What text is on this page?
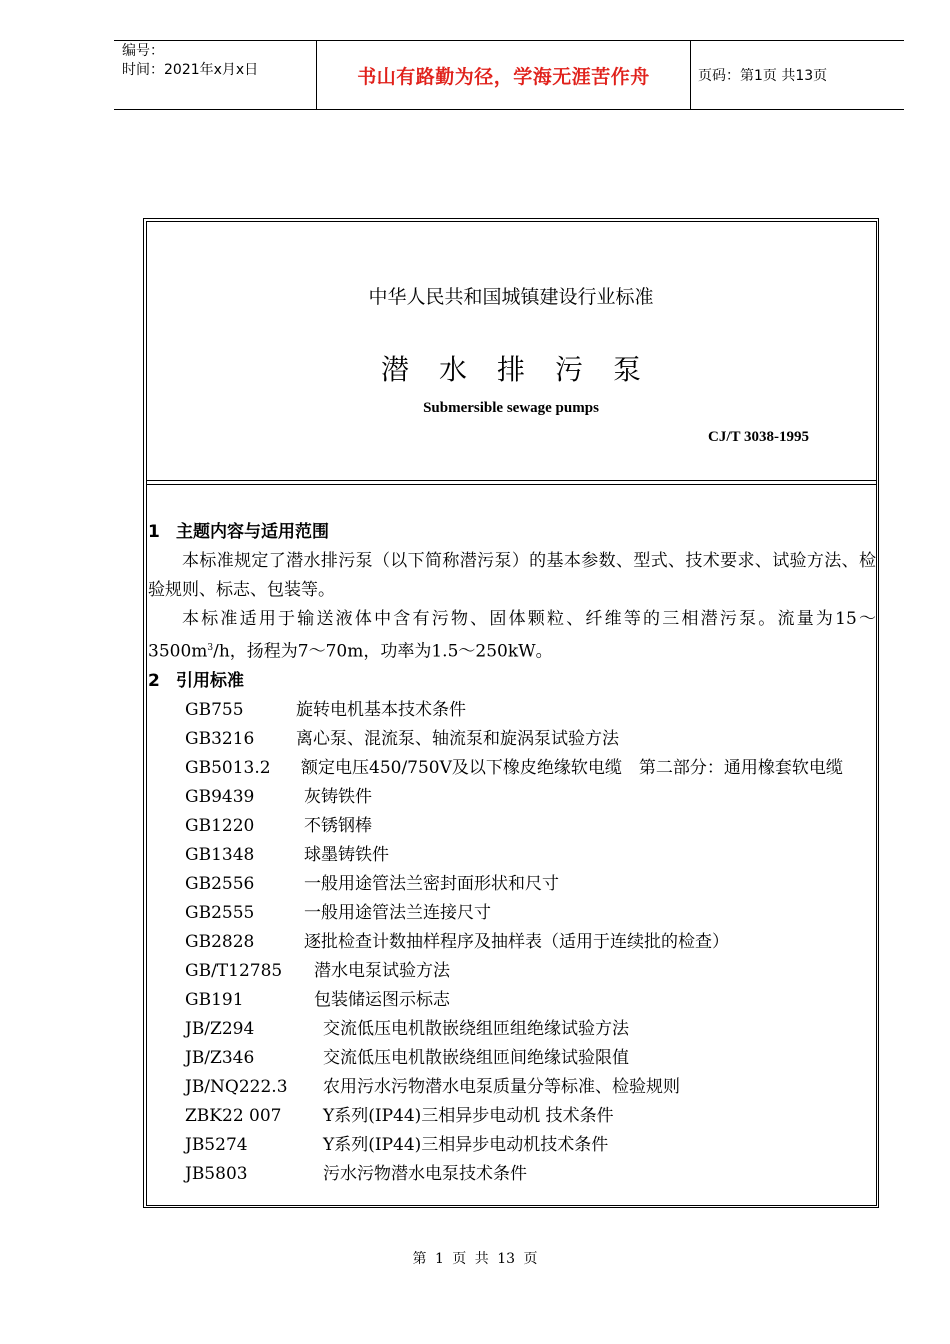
编号：
时间：2021年x月x日	书山有路勤为径，学海无涯苦作舟	页码：第1页 共13页
中华人民共和国城镇建设行业标准
潜水排污泵
Submersible sewage pumps
CJ/T 3038-1995
1 主题内容与适用范围
本标准规定了潜水排污泵（以下简称潜污泵）的基本参数、型式、技术要求、试验方法、检验规则、标志、包装等。
本标准适用于输送液体中含有污物、固体颗粒、纤维等的三相潜污泵。流量为$15\sim 3500m^3/h$，扬程为7～70m，功率为1.5～250kW。
2 引用标准
GB755	旋转电机基本技术条件
GB3216 离心泵、混流泵、轴流泵和旋涡泵试验方法
GB5013.2 额定电压450/750V及以下橡皮绝缘软电缆　第二部分：通用橡套软电缆
GB9439	灰铸铁件
GB1220	不锈钢棒
GB1348	球墨铸铁件
GB2556	一般用途管法兰密封面形状和尺寸
GB2555	一般用途管法兰连接尺寸
GB2828	逐批检查计数抽样程序及抽样表（适用于连续批的检查）
GB/T12785 潜水电泵试验方法
GB191	包装储运图示标志
JB/Z294	交流低压电机散嵌绕组匝组绝缘试验方法
JB/Z346	交流低压电机散嵌绕组匝间绝缘试验限值
JB/NQ222.3 农用污水污物潜水电泵质量分等标准、检验规则
ZBK22 007 Y系列(IP44)三相异步电动机 技术条件
JB5274	Y系列(IP44)三相异步电动机技术条件
JB5803	污水污物潜水电泵技术条件
第 1 页 共 13 页
